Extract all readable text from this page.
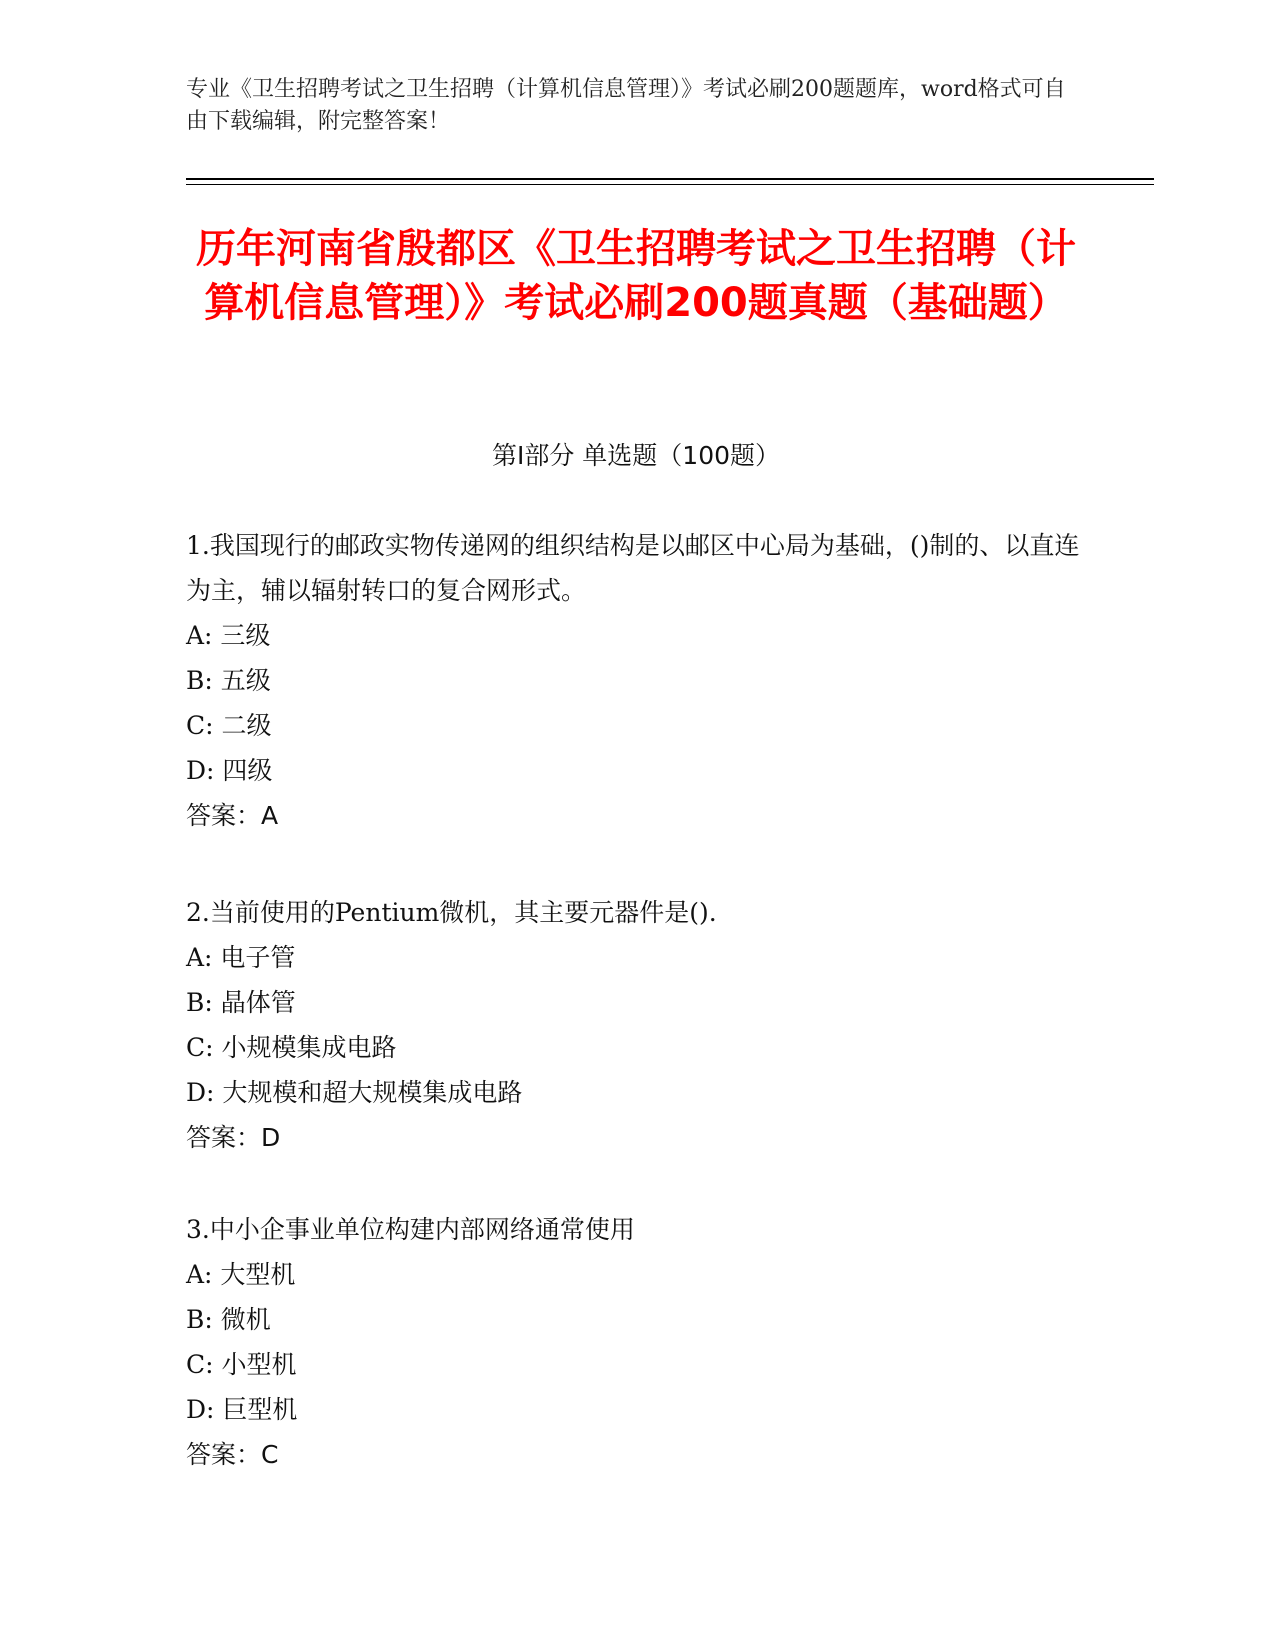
专业《卫生招聘考试之卫生招聘（计算机信息管理）》考试必刷200题题库，word格式可自由下载编辑，附完整答案！
历年河南省殷都区《卫生招聘考试之卫生招聘（计算机信息管理）》考试必刷200题真题（基础题）
第Ⅰ部分 单选题（100题）
1.我国现行的邮政实物传递网的组织结构是以邮区中心局为基础，()制的、以直连为主，辅以辐射转口的复合网形式。
A: 三级
B: 五级
C: 二级
D: 四级
答案：A
2.当前使用的Pentium微机，其主要元器件是().
A: 电子管
B: 晶体管
C: 小规模集成电路
D: 大规模和超大规模集成电路
答案：D
3.中小企事业单位构建内部网络通常使用
A: 大型机
B: 微机
C: 小型机
D: 巨型机
答案：C
